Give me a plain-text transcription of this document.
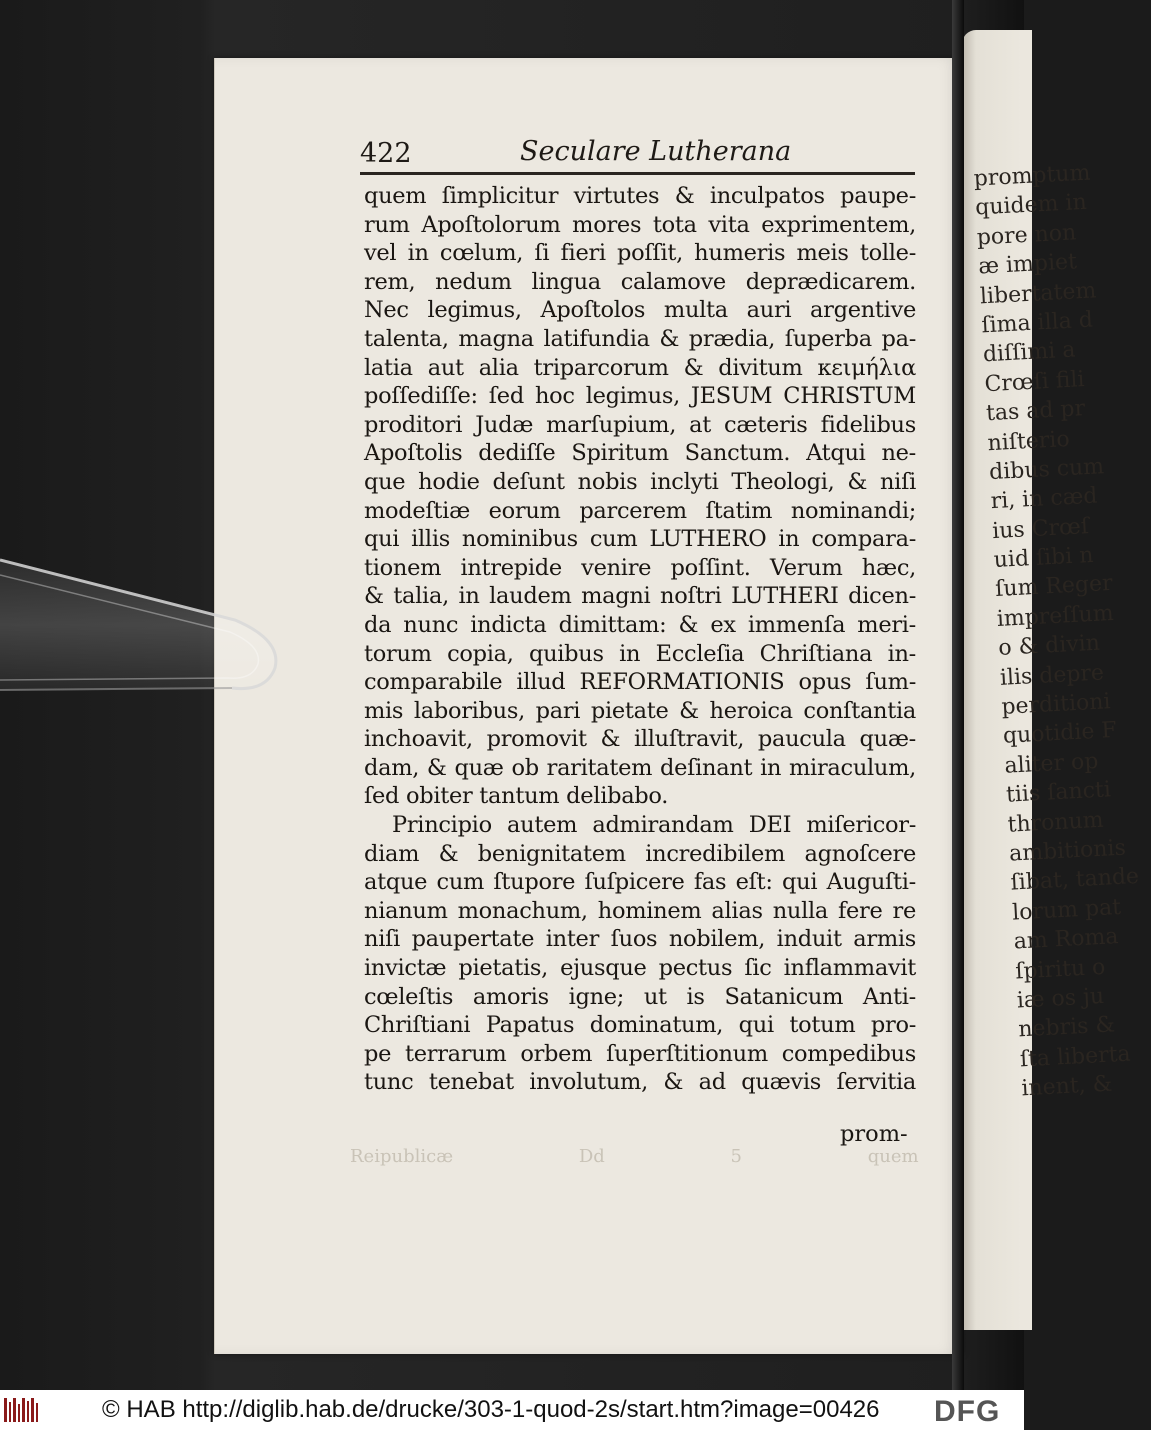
promptum
quidem in
pore non
æ impiet
libertatem
ſima illa d
diſſimi a
Crœſi fili
tas ad pr
niſterio
dibus cum
ri, in cæd
ius Crœſ
uid ſibi n
ſum Reger
impreſſum
o & divin
ilis depre
perditioni
quotidie F
aliter op
tiis ſancti
thronum
ambitionis
ſibat, tande
lorum pat
am Roma
ſpiritu o
iæ os ju
nebris &
ſta liberta
inent, &
422	Seculare Lutherana
quem ſimplicitur virtutes & inculpatos paupe-
rum Apoſtolorum mores tota vita exprimentem,
vel in cœlum, ſi fieri poſſit, humeris meis tolle-
rem, nedum lingua calamove deprædicarem.
Nec legimus, Apoſtolos multa auri argentive
talenta, magna latifundia & prædia, ſuperba pa-
latia aut alia triparcorum & divitum κειμήλια
poſſediſſe: ſed hoc legimus, JESUM CHRISTUM
proditori Judæ marſupium, at cæteris fidelibus
Apoſtolis dediſſe Spiritum Sanctum. Atqui ne-
que hodie deſunt nobis inclyti Theologi, & niſi
modeſtiæ eorum parcerem ſtatim nominandi;
qui illis nominibus cum LUTHERO in compara-
tionem intrepide venire poſſint. Verum hæc,
& talia, in laudem magni noſtri LUTHERI dicen-
da nunc indicta dimittam: & ex immenſa meri-
torum copia, quibus in Eccleſia Chriſtiana in-
comparabile illud REFORMATIONIS opus ſum-
mis laboribus, pari pietate & heroica conſtantia
inchoavit, promovit & illuſtravit, paucula quæ-
dam, & quæ ob raritatem deſinant in miraculum,
ſed obiter tantum delibabo.
Principio autem admirandam DEI miſericor-
diam & benignitatem incredibilem agnoſcere
atque cum ſtupore ſuſpicere fas eſt: qui Auguſti-
nianum monachum, hominem alias nulla fere re
niſi paupertate inter ſuos nobilem, induit armis
invictæ pietatis, ejusque pectus ſic inflammavit
cœleſtis amoris igne; ut is Satanicum Anti-
Chriſtiani Papatus dominatum, qui totum pro-
pe terrarum orbem ſuperſtitionum compedibus
tunc tenebat involutum, & ad quævis ſervitia
prom-
Reipublicæ	Dd 5	quem
© HAB http://diglib.hab.de/drucke/303-1-quod-2s/start.htm?image=00426 DFG
